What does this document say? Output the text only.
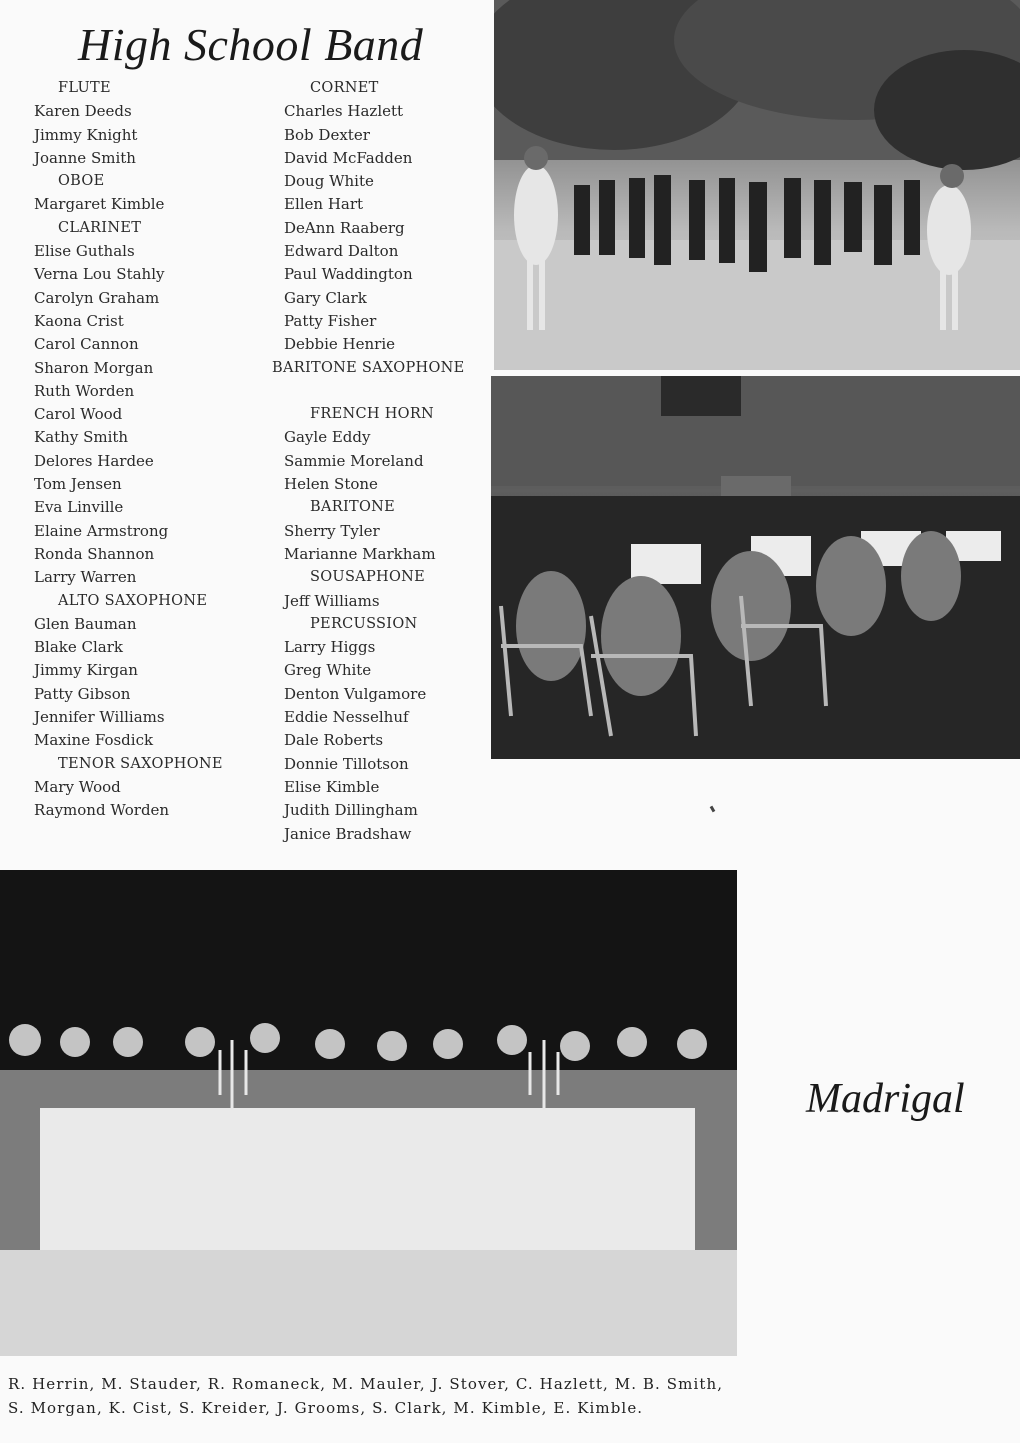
High School Band
FLUTE
Karen Deeds
Jimmy Knight
Joanne Smith
OBOE
Margaret Kimble
CLARINET
Elise Guthals
Verna Lou Stahly
Carolyn Graham
Kaona Crist
Carol Cannon
Sharon Morgan
Ruth Worden
Carol Wood
Kathy Smith
Delores Hardee
Tom Jensen
Eva Linville
Elaine Armstrong
Ronda Shannon
Larry Warren
ALTO SAXOPHONE
Glen Bauman
Blake Clark
Jimmy Kirgan
Patty Gibson
Jennifer Williams
Maxine Fosdick
TENOR SAXOPHONE
Mary Wood
Raymond Worden
CORNET
Charles Hazlett
Bob Dexter
David McFadden
Doug White
Ellen Hart
DeAnn Raaberg
Edward Dalton
Paul Waddington
Gary Clark
Patty Fisher
Debbie Henrie
BARITONE SAXOPHONE
FRENCH HORN
Gayle Eddy
Sammie Moreland
Helen Stone
BARITONE
Sherry Tyler
Marianne Markham
SOUSAPHONE
Jeff Williams
PERCUSSION
Larry Higgs
Greg White
Denton Vulgamore
Eddie Nesselhuf
Dale Roberts
Donnie Tillotson
Elise Kimble
Judith Dillingham
Janice Bradshaw
Madrigal
R. Herrin, M. Stauder, R. Romaneck, M. Mauler, J. Stover, C. Hazlett, M. B. Smith,
S. Morgan, K. Cist, S. Kreider, J. Grooms, S. Clark, M. Kimble, E. Kimble.
